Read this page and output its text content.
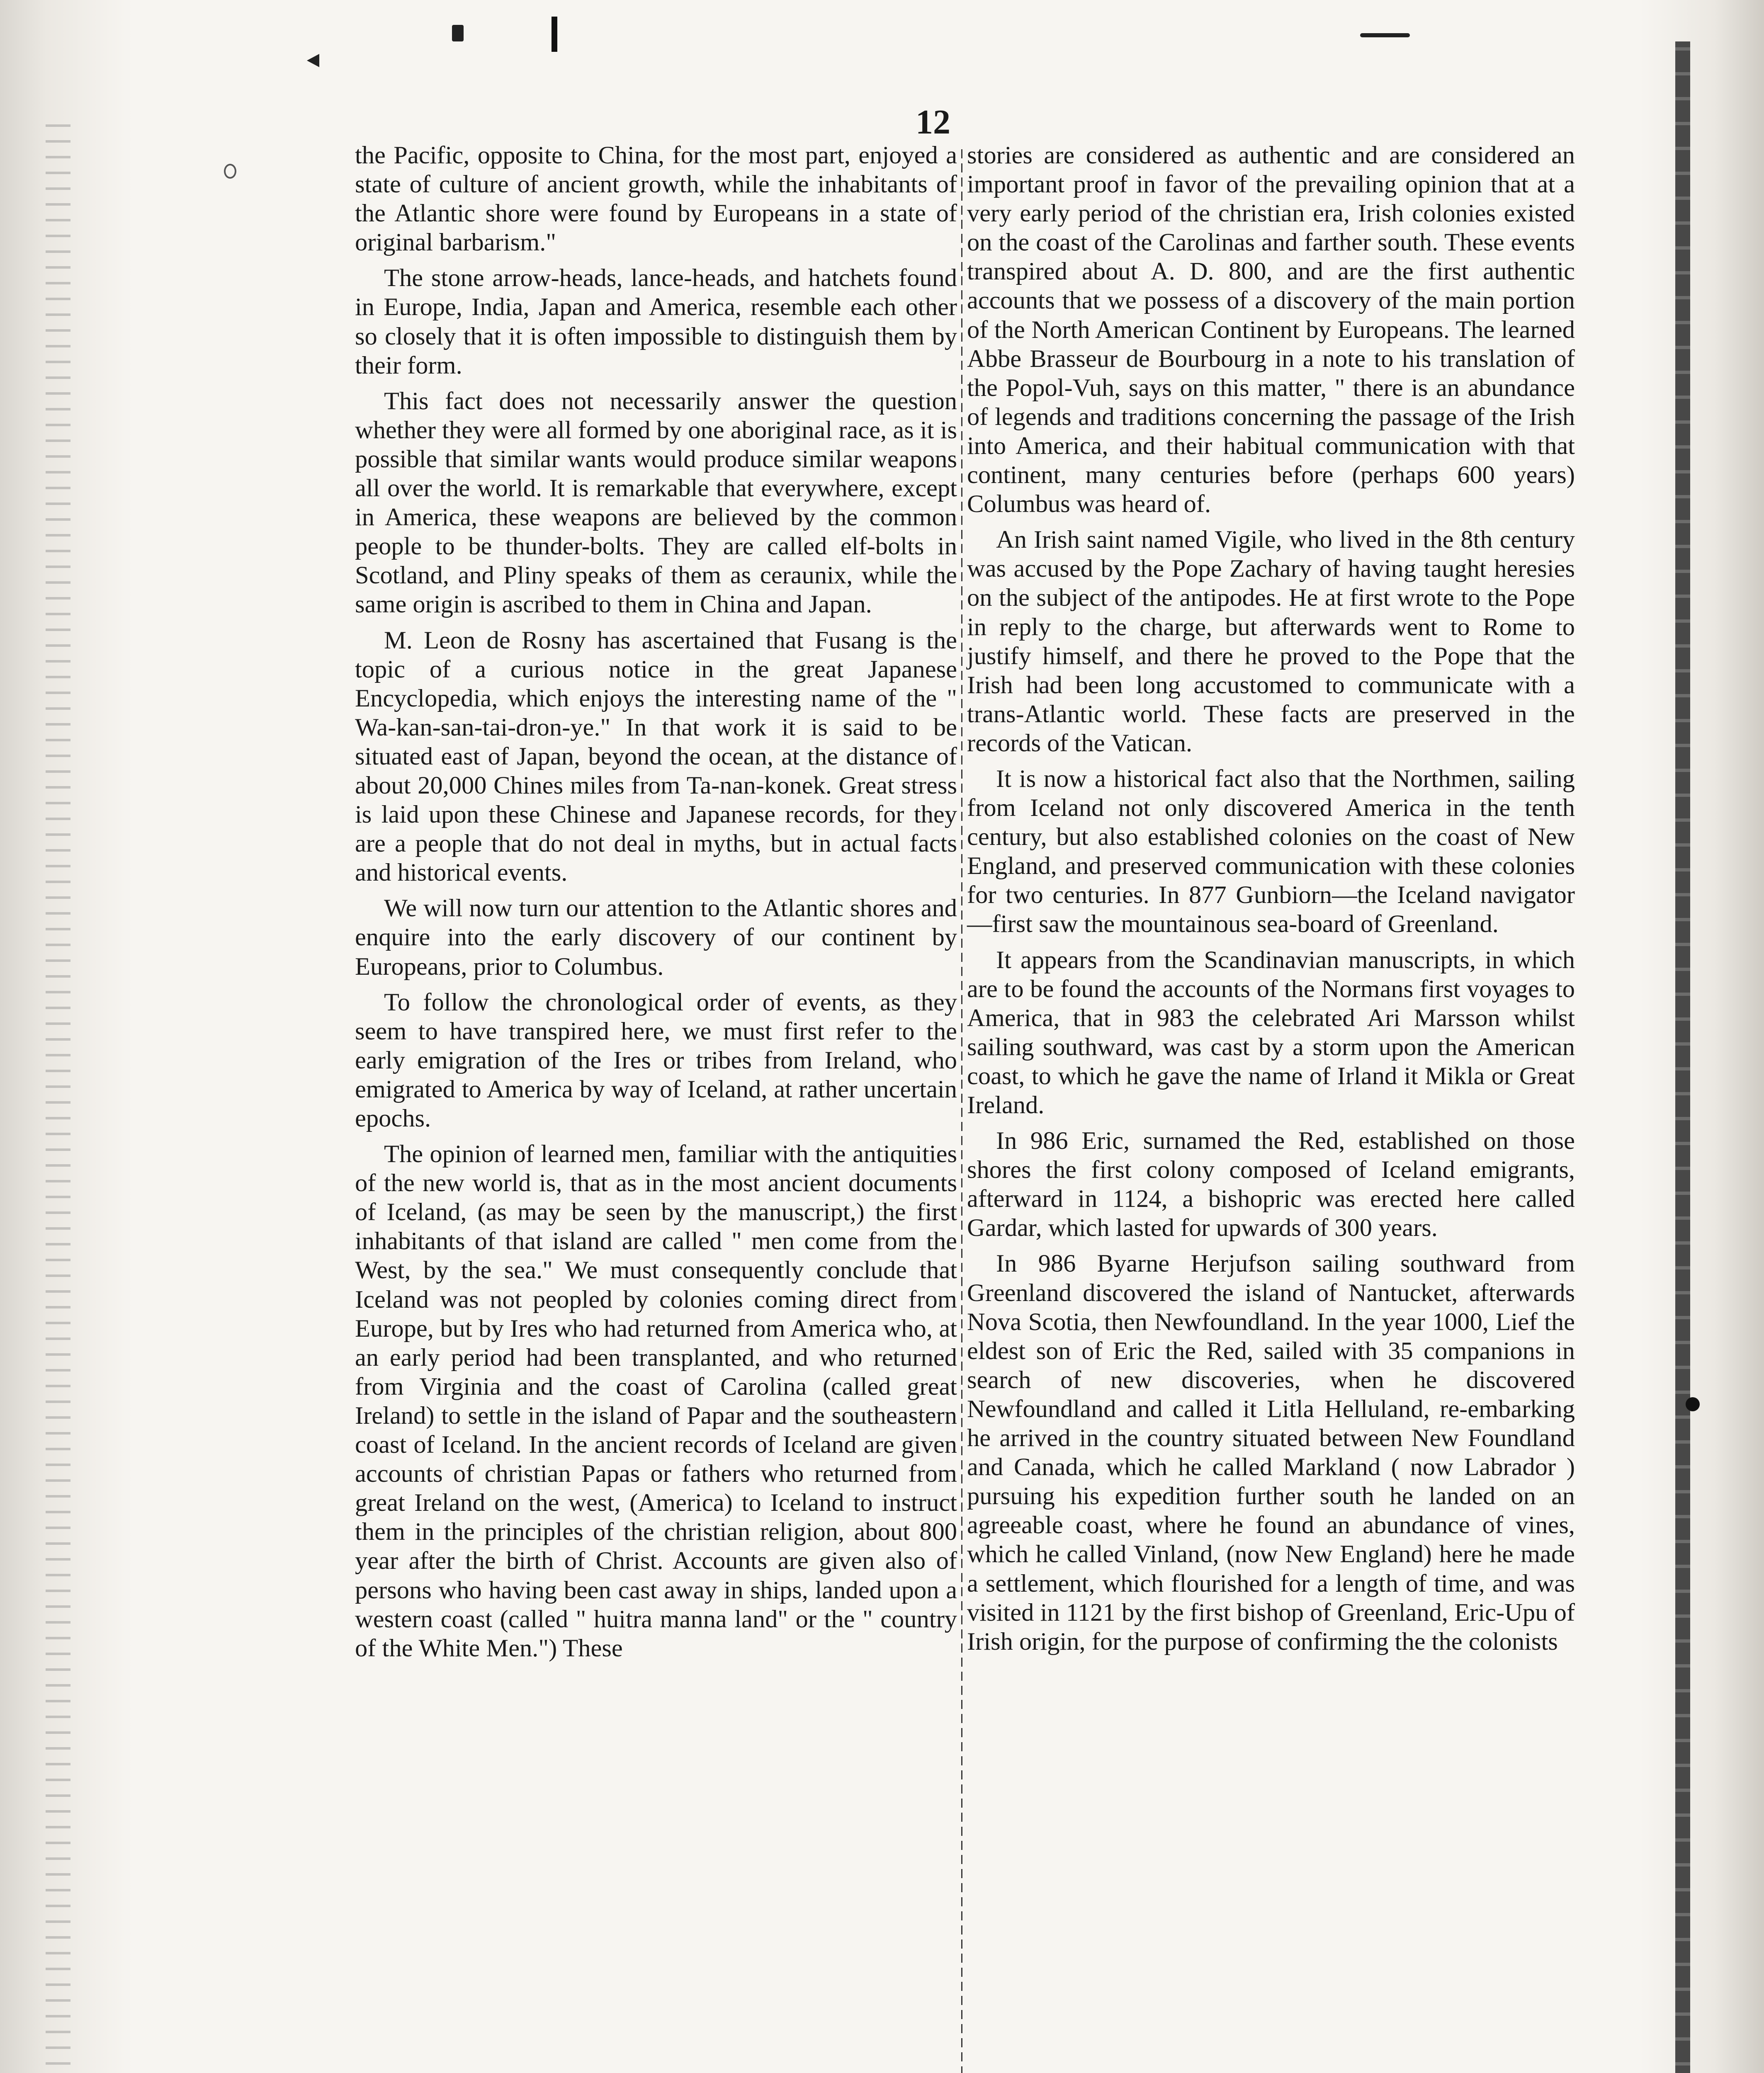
12

the Pacific, opposite to China, for the most part, enjoyed a state of culture of ancient growth, while the inhabitants of the Atlantic shore were found by Europeans in a state of original barbarism."

The stone arrow-heads, lance-heads, and hatchets found in Europe, India, Japan and America, resemble each other so closely that it is often impossible to distinguish them by their form.

This fact does not necessarily answer the question whether they were all formed by one aboriginal race, as it is possible that similar wants would produce similar weapons all over the world. It is remarkable that everywhere, except in America, these weapons are believed by the common people to be thunder-bolts. They are called elf-bolts in Scotland, and Pliny speaks of them as ceraunix, while the same origin is ascribed to them in China and Japan.

M. Leon de Rosny has ascertained that Fusang is the topic of a curious notice in the great Japanese Encyclopedia, which enjoys the interesting name of the " Wa-kan-san-tai-dron-ye." In that work it is said to be situated east of Japan, beyond the ocean, at the distance of about 20,000 Chines miles from Ta-nan-konek. Great stress is laid upon these Chinese and Japanese records, for they are a people that do not deal in myths, but in actual facts and historical events.

We will now turn our attention to the Atlantic shores and enquire into the early discovery of our continent by Europeans, prior to Columbus.

To follow the chronological order of events, as they seem to have transpired here, we must first refer to the early emigration of the Ires or tribes from Ireland, who emigrated to America by way of Iceland, at rather uncertain epochs.

The opinion of learned men, familiar with the antiquities of the new world is, that as in the most ancient documents of Iceland, (as may be seen by the manuscript,) the first inhabitants of that island are called " men come from the West, by the sea." We must consequently conclude that Iceland was not peopled by colonies coming direct from Europe, but by Ires who had returned from America who, at an early period had been transplanted, and who returned from Virginia and the coast of Carolina (called great Ireland) to settle in the island of Papar and the southeastern coast of Iceland. In the ancient records of Iceland are given accounts of christian Papas or fathers who returned from great Ireland on the west, (America) to Iceland to instruct them in the principles of the christian religion, about 800 year after the birth of Christ. Accounts are given also of persons who having been cast away in ships, landed upon a western coast (called " huitra manna land" or the " country of the White Men.") These

stories are considered as authentic and are considered an important proof in favor of the prevailing opinion that at a very early period of the christian era, Irish colonies existed on the coast of the Carolinas and farther south. These events transpired about A. D. 800, and are the first authentic accounts that we possess of a discovery of the main portion of the North American Continent by Europeans. The learned Abbe Brasseur de Bourbourg in a note to his translation of the Popol-Vuh, says on this matter, " there is an abundance of legends and traditions concerning the passage of the Irish into America, and their habitual communication with that continent, many centuries before (perhaps 600 years) Columbus was heard of.

An Irish saint named Vigile, who lived in the 8th century was accused by the Pope Zachary of having taught heresies on the subject of the antipodes. He at first wrote to the Pope in reply to the charge, but afterwards went to Rome to justify himself, and there he proved to the Pope that the Irish had been long accustomed to communicate with a trans-Atlantic world. These facts are preserved in the records of the Vatican.

It is now a historical fact also that the Northmen, sailing from Iceland not only discovered America in the tenth century, but also established colonies on the coast of New England, and preserved communication with these colonies for two centuries. In 877 Gunbiorn—the Iceland navigator—first saw the mountainous sea-board of Greenland.

It appears from the Scandinavian manuscripts, in which are to be found the accounts of the Normans first voyages to America, that in 983 the celebrated Ari Marsson whilst sailing southward, was cast by a storm upon the American coast, to which he gave the name of Irland it Mikla or Great Ireland.

In 986 Eric, surnamed the Red, established on those shores the first colony composed of Iceland emigrants, afterward in 1124, a bishopric was erected here called Gardar, which lasted for upwards of 300 years.

In 986 Byarne Herjufson sailing southward from Greenland discovered the island of Nantucket, afterwards Nova Scotia, then Newfoundland. In the year 1000, Lief the eldest son of Eric the Red, sailed with 35 companions in search of new discoveries, when he discovered Newfoundland and called it Litla Helluland, re-embarking he arrived in the country situated between New Foundland and Canada, which he called Markland ( now Labrador ) pursuing his expedition further south he landed on an agreeable coast, where he found an abundance of vines, which he called Vinland, (now New England) here he made a settlement, which flourished for a length of time, and was visited in 1121 by the first bishop of Greenland, Eric-Upu of Irish origin, for the purpose of confirming the the colonists
